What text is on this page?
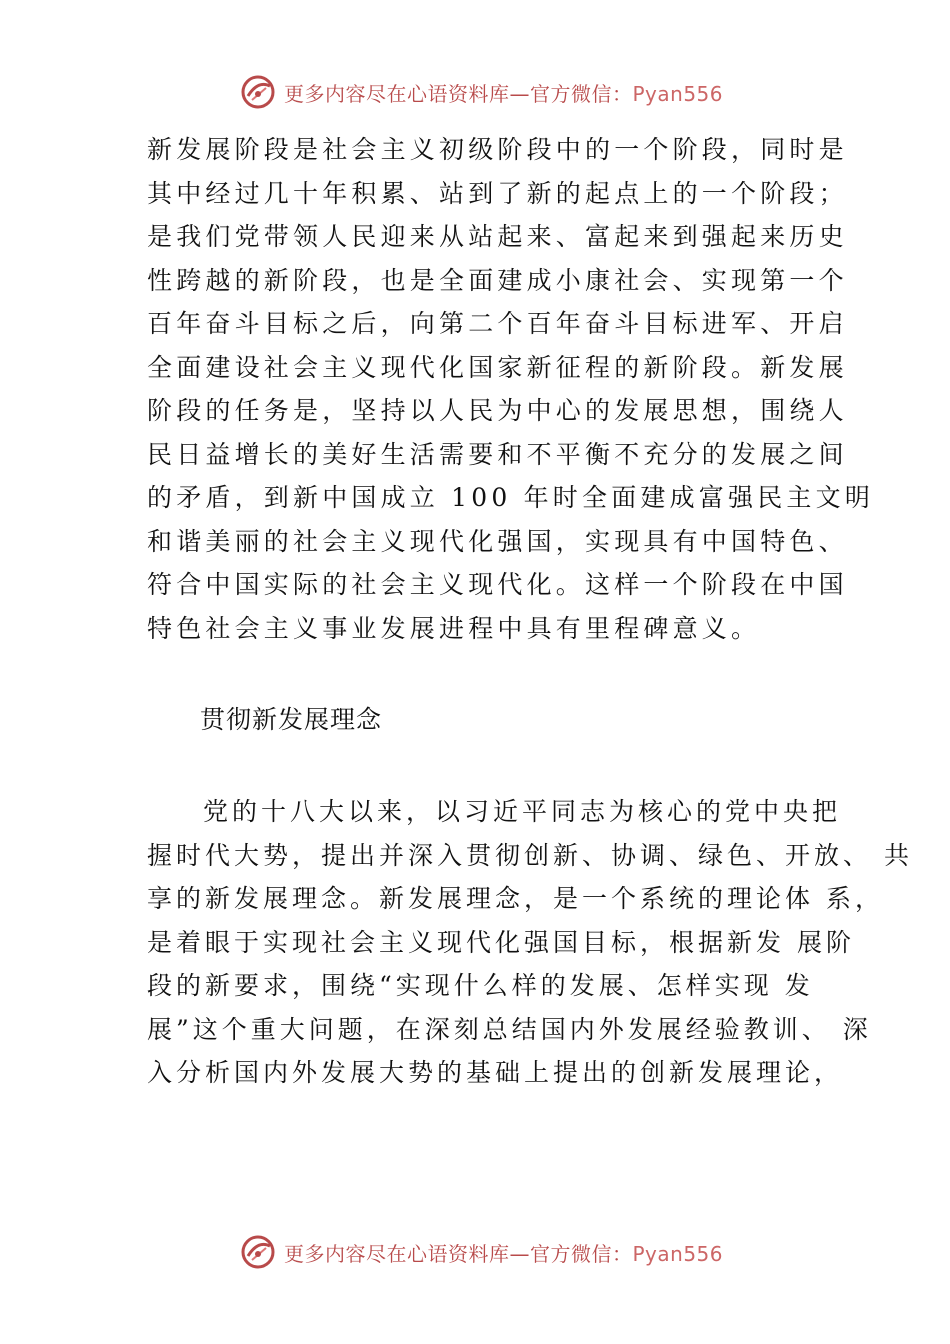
更多内容尽在心语资料库—官方微信：Pyan556
新发展阶段是社会主义初级阶段中的一个阶段，同时是
其中经过几十年积累、站到了新的起点上的一个阶段；
是我们党带领人民迎来从站起来、富起来到强起来历史
性跨越的新阶段，也是全面建成小康社会、实现第一个
百年奋斗目标之后，向第二个百年奋斗目标进军、开启
全面建设社会主义现代化国家新征程的新阶段。新发展
阶段的任务是，坚持以人民为中心的发展思想，围绕人
民日益增长的美好生活需要和不平衡不充分的发展之间
的矛盾，到新中国成立 100 年时全面建成富强民主文明
和谐美丽的社会主义现代化强国，实现具有中国特色、
符合中国实际的社会主义现代化。这样一个阶段在中国
特色社会主义事业发展进程中具有里程碑意义。
贯彻新发展理念
党的十八大以来，以习近平同志为核心的党中央把
握时代大势，提出并深入贯彻创新、协调、绿色、开放、 共
享的新发展理念。新发展理念，是一个系统的理论体 系，
是着眼于实现社会主义现代化强国目标，根据新发 展阶
段的新要求，围绕“实现什么样的发展、怎样实现 发
展”这个重大问题，在深刻总结国内外发展经验教训、 深
入分析国内外发展大势的基础上提出的创新发展理论，
更多内容尽在心语资料库—官方微信：Pyan556
